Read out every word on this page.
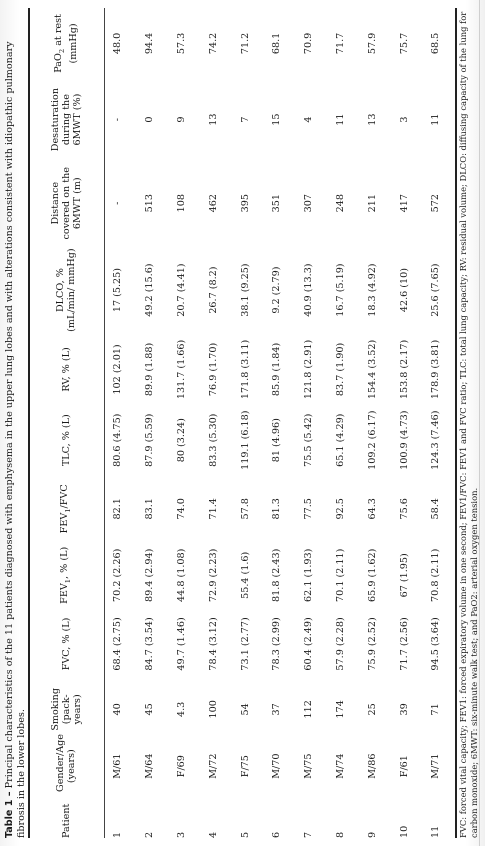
Table 1 – Principal characteristics of the 11 patients diagnosed with emphysema in the upper lung lobes and with alterations consistent with idiopathic pulmonary fibrosis in the lower lobes.	Patient	Gender/Age (years)	Smoking (pack-years)	FVC, % (L)	$FEV_1$, % (L)	$FEV_1$/FVC	TLC, % (L)	RV, % (L)	DLCO, % (mL/min/ mmHg)	Distance covered on the 6MWT (m)	Desaturation during the 6MWT (%)	PaO$_2$ at rest (mmHg)
1	M/61	40	68.4 (2.75)	70.2 (2.26)	82.1	80.6 (4.75)	102 (2.01)	17 (5.25)	-	-	48.0
2	M/64	45	84.7 (3.54)	89.4 (2.94)	83.1	87.9 (5.59)	89.9 (1.88)	49.2 (15.6)	513	0	94.4
3	F/69	4.3	49.7 (1.46)	44.8 (1.08)	74.0	80 (3.24)	131.7 (1.66)	20.7 (4.41)	108	9	57.3
4	M/72	100	78.4 (3.12)	72.9 (2.23)	71.4	83.3 (5.30)	76.9 (1.70)	26.7 (8.2)	462	13	74.2
5	F/75	54	73.1 (2.77)	55.4 (1.6)	57.8	119.1 (6.18)	171.8 (3.11)	38.1 (9.25)	395	7	71.2
6	M/70	37	78.3 (2.99)	81.8 (2.43)	81.3	81 (4.96)	85.9 (1.84)	9.2 (2.79)	351	15	68.1
7	M/75	112	60.4 (2.49)	62.1 (1.93)	77.5	75.5 (5.42)	121.8 (2.91)	40.9 (13.3)	307	4	70.9
8	M/74	174	57.9 (2.28)	70.1 (2.11)	92.5	65.1 (4.29)	83.7 (1.90)	16.7 (5.19)	248	11	71.7
9	M/86	25	75.9 (2.52)	65.9 (1.62)	64.3	109.2 (6.17)	154.4 (3.52)	18.3 (4.92)	211	13	57.9
10	F/61	39	71.7 (2.56)	67 (1.95)	75.6	100.9 (4.73)	153.8 (2.17)	42.6 (10)	417	3	75.7
11	M/71	71	94.5 (3.64)	70.8 (2.11)	58.4	124.3 (7.46)	178.9 (3.81)	25.6 (7.65)	572	11	68.5 FVC: forced vital capacity; FEV1: forced expiratory volume in one second; FEV1/FVC: FEV1 and FVC ratio; TLC: total lung capacity; RV: residual volume; DLCO: diffusing capacity of the lung for carbon monoxide; 6MWT: six-minute walk test; and PaO2: arterial oxygen tension.
